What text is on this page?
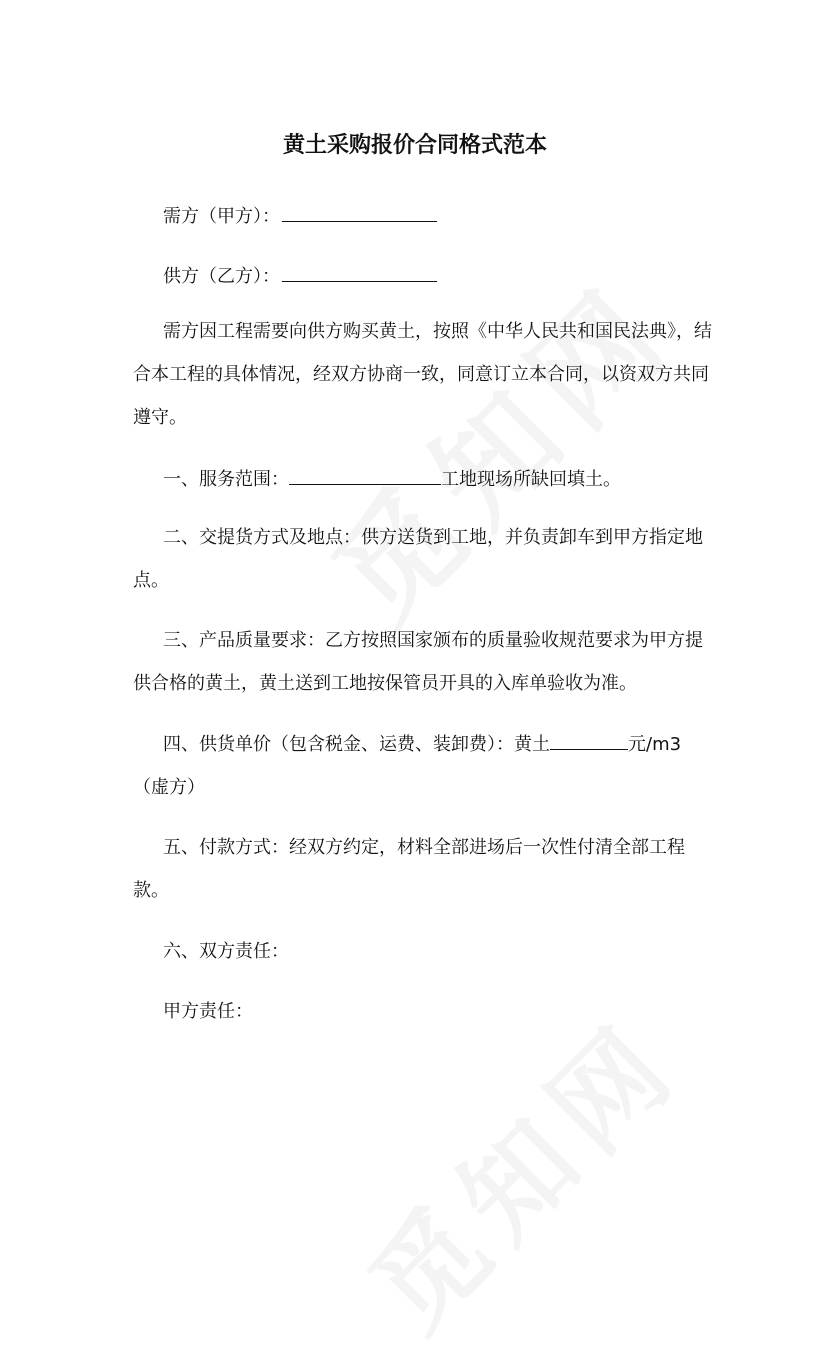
黄土采购报价合同格式范本
需方（甲方）：
供方（乙方）：

需方因工程需要向供方购买黄土，按照《中华人民共和国民法典》，结合本工程的具体情况，经双方协商一致，同意订立本合同，以资双方共同遵守。

一、服务范围：	工地现场所缺回填土。

二、交提货方式及地点：供方送货到工地，并负责卸车到甲方指定地点。

三、产品质量要求：乙方按照国家颁布的质量验收规范要求为甲方提供合格的黄土，黄土送到工地按保管员开具的入库单验收为准。

四、供货单价（包含税金、运费、装卸费）：黄土	元/m3（虚方）

五、付款方式：经双方约定，材料全部进场后一次性付清全部工程款。

六、双方责任：

甲方责任：
